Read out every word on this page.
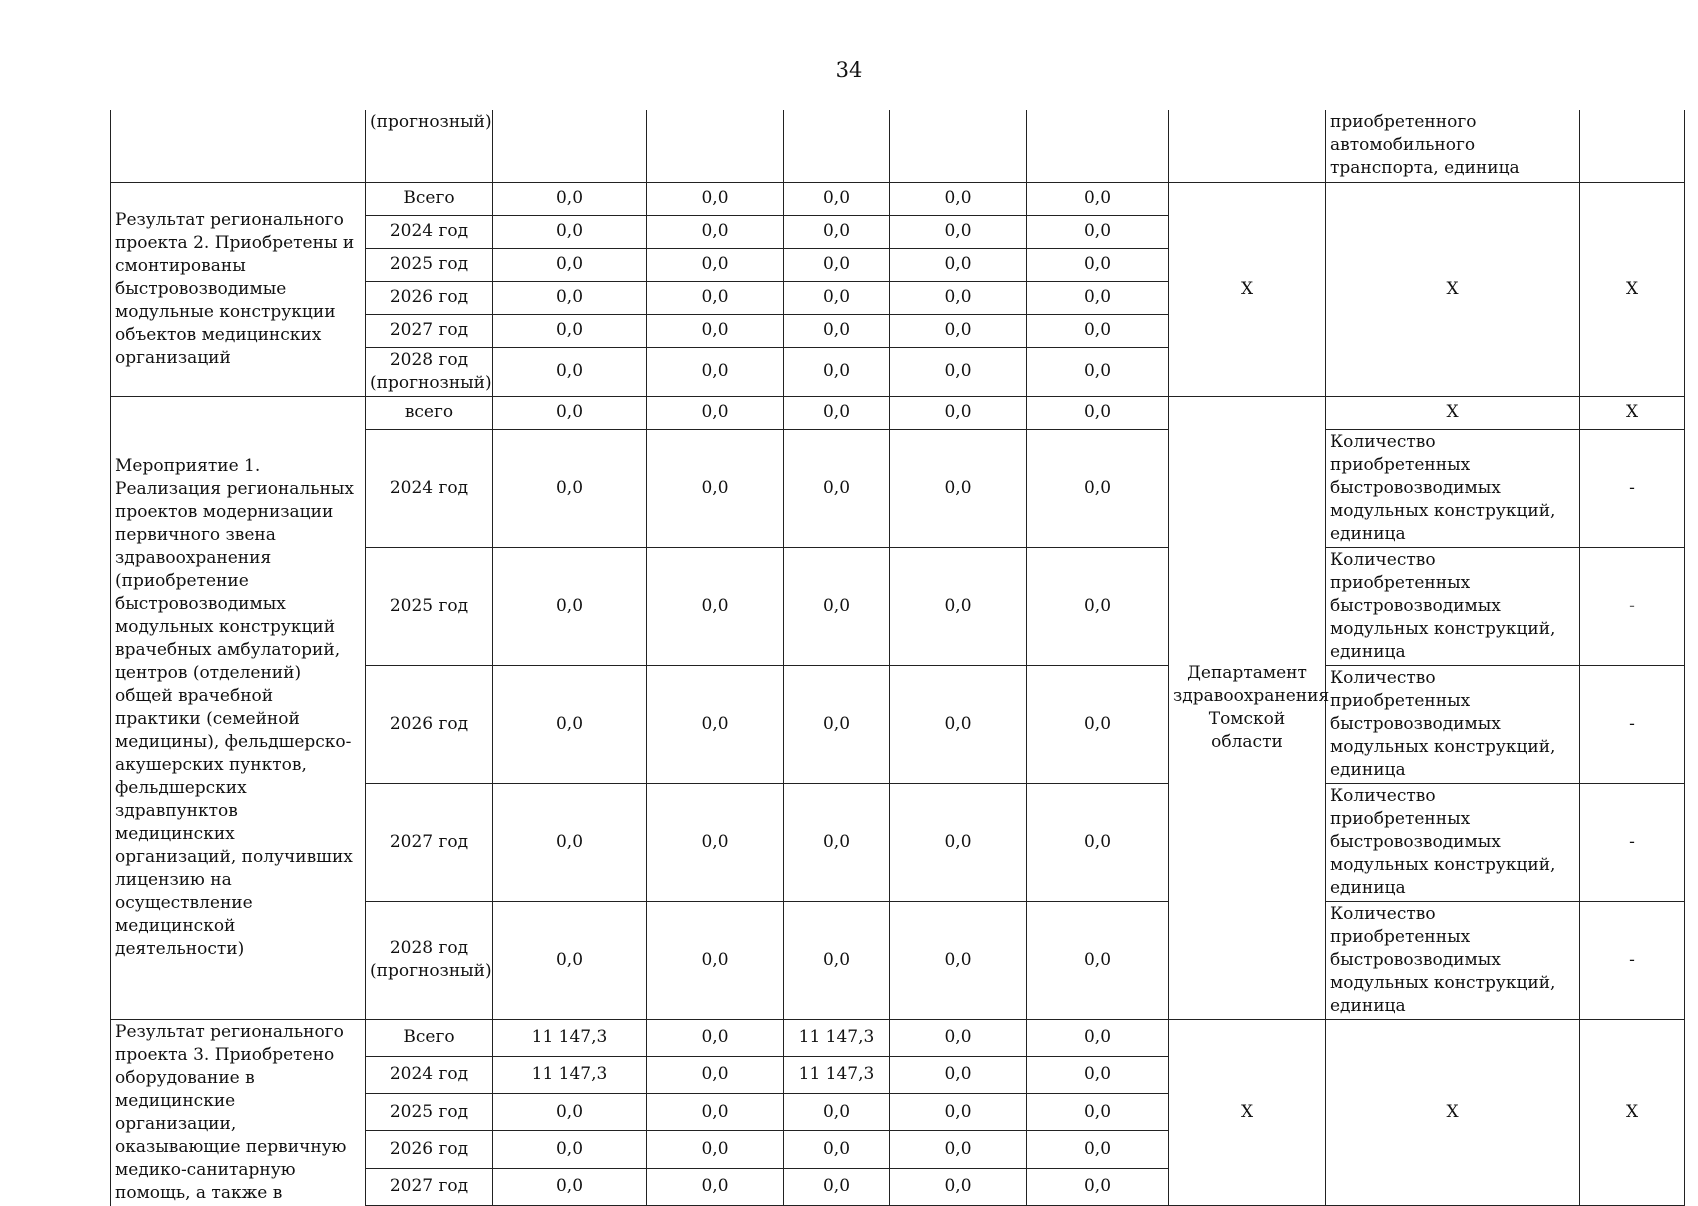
34
	(прогнозный)							приобретенного автомобильного транспорта, единица	
Результат регионального проекта 2. Приобретены и смонтированы быстровозводимые модульные конструкции объектов медицинских организаций	Всего	0,0	0,0	0,0	0,0	0,0	X	X	X
	2024 год	0,0	0,0	0,0	0,0	0,0			
	2025 год	0,0	0,0	0,0	0,0	0,0			
	2026 год	0,0	0,0	0,0	0,0	0,0			
	2027 год	0,0	0,0	0,0	0,0	0,0			
	2028 год (прогнозный)	0,0	0,0	0,0	0,0	0,0			
Мероприятие 1. Реализация региональных проектов модернизации первичного звена здравоохранения (приобретение быстровозводимых модульных конструкций врачебных амбулаторий, центров (отделений) общей врачебной практики (семейной медицины), фельдшерско-акушерских пунктов, фельдшерских здравпунктов медицинских организаций, получивших лицензию на осуществление медицинской деятельности)	всего	0,0	0,0	0,0	0,0	0,0	Департамент здравоохранения Томской области	X	X
	2024 год	0,0	0,0	0,0	0,0	0,0		Количество приобретенных быстровозводимых модульных конструкций, единица	-
	2025 год	0,0	0,0	0,0	0,0	0,0		Количество приобретенных быстровозводимых модульных конструкций, единица	-
	2026 год	0,0	0,0	0,0	0,0	0,0		Количество приобретенных быстровозводимых модульных конструкций, единица	-
	2027 год	0,0	0,0	0,0	0,0	0,0		Количество приобретенных быстровозводимых модульных конструкций, единица	-
	2028 год (прогнозный)	0,0	0,0	0,0	0,0	0,0		Количество приобретенных быстровозводимых модульных конструкций, единица	-
Результат регионального проекта 3. Приобретено оборудование в медицинские организации, оказывающие первичную медико-санитарную помощь, а также в	Всего	11 147,3	0,0	11 147,3	0,0	0,0	X	X	X
	2024 год	11 147,3	0,0	11 147,3	0,0	0,0			
	2025 год	0,0	0,0	0,0	0,0	0,0			
	2026 год	0,0	0,0	0,0	0,0	0,0			
	2027 год	0,0	0,0	0,0	0,0	0,0			
